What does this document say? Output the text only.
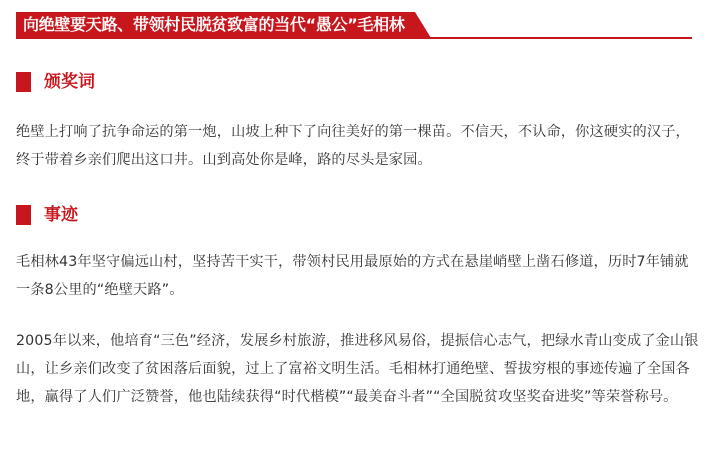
向绝壁要天路、带领村民脱贫致富的当代“愚公”毛相林
颁奖词

绝壁上打响了抗争命运的第一炮，山坡上种下了向往美好的第一棵苗。不信天，不认命，你这硬实的汉子，终于带着乡亲们爬出这口井。山到高处你是峰，路的尽头是家园。

事迹

毛相林43年坚守偏远山村，坚持苦干实干，带领村民用最原始的方式在悬崖峭壁上凿石修道，历时7年铺就一条8公里的“绝壁天路”。

2005年以来，他培育“三色”经济，发展乡村旅游，推进移风易俗，提振信心志气，把绿水青山变成了金山银山，让乡亲们改变了贫困落后面貌，过上了富裕文明生活。毛相林打通绝壁、誓拔穷根的事迹传遍了全国各地，赢得了人们广泛赞誉，他也陆续获得“时代楷模”“最美奋斗者”“全国脱贫攻坚奖奋进奖”等荣誉称号。
